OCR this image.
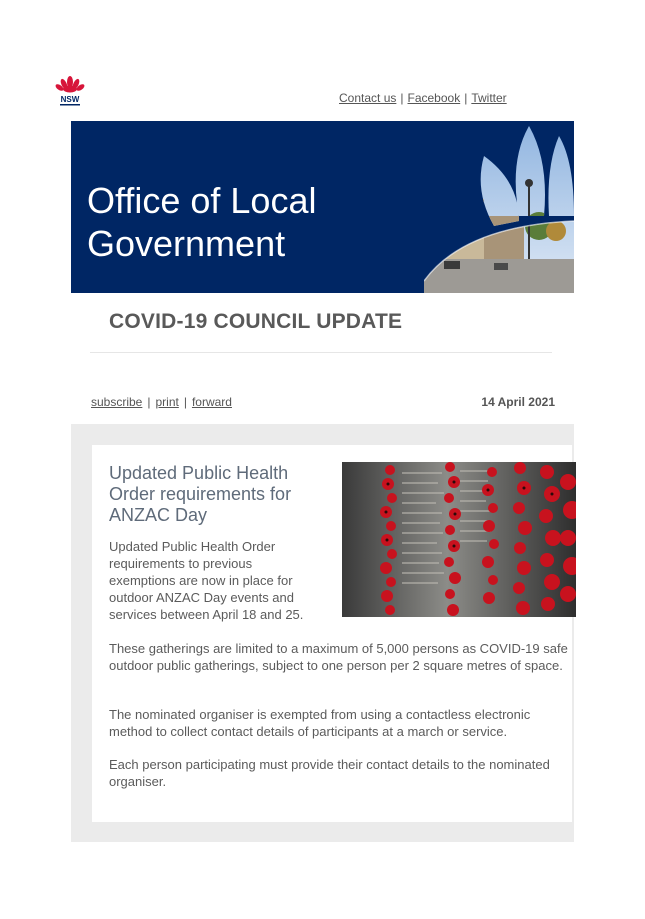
NSW	Contact us | Facebook | Twitter
Office of Local
Government
COVID-19 COUNCIL UPDATE
subscribe | print | forward	14 April 2021
Updated Public Health Order requirements for ANZAC Day
Updated Public Health Order requirements to previous exemptions are now in place for outdoor ANZAC Day events and services between April 18 and 25.

These gatherings are limited to a maximum of 5,000 persons as COVID-19 safe outdoor public gatherings, subject to one person per 2 square metres of space.

The nominated organiser is exempted from using a contactless electronic method to collect contact details of participants at a march or service.

Each person participating must provide their contact details to the nominated organiser.
